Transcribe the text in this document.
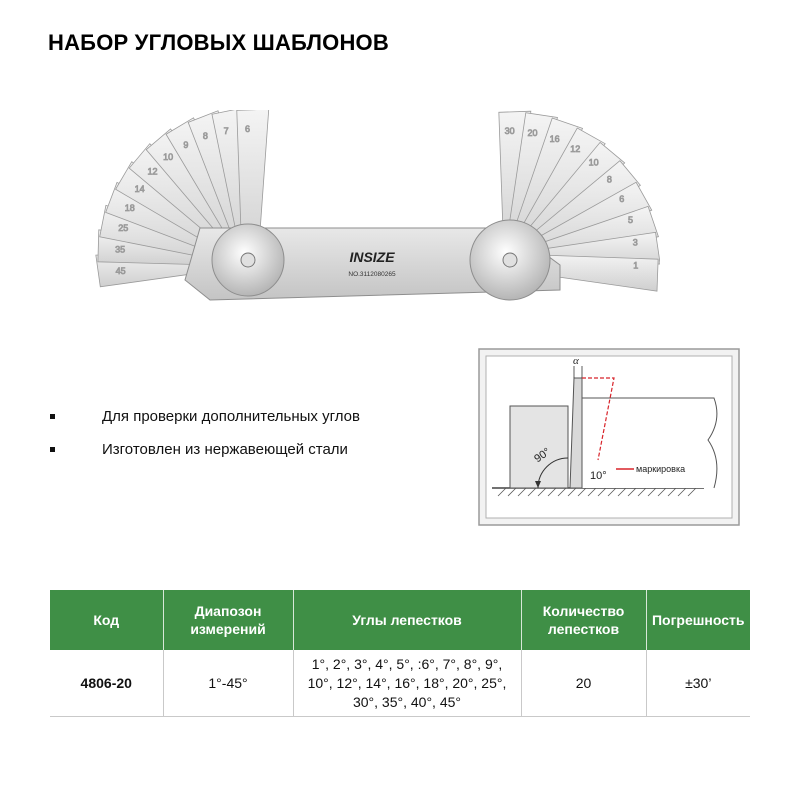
НАБОР УГЛОВЫХ ШАБЛОНОВ
45
35
25
18
14
12
10
9
8
7 6	30 20
16
12
10
8
6
5
3
1
INSIZE
NO.3112080265
Для проверки дополнительных углов
Изготовлен из нержавеющей стали	90°
α
10°
маркировка
Код	Диапозон измерений	Углы лепестков	Количество лепестков	Погрешность
4806-20	1°-45°	1°, 2°, 3°, 4°, 5°, :6°, 7°, 8°, 9°,
10°, 12°, 14°, 16°, 18°, 20°, 25°,
30°, 35°, 40°, 45°	20	±30’
